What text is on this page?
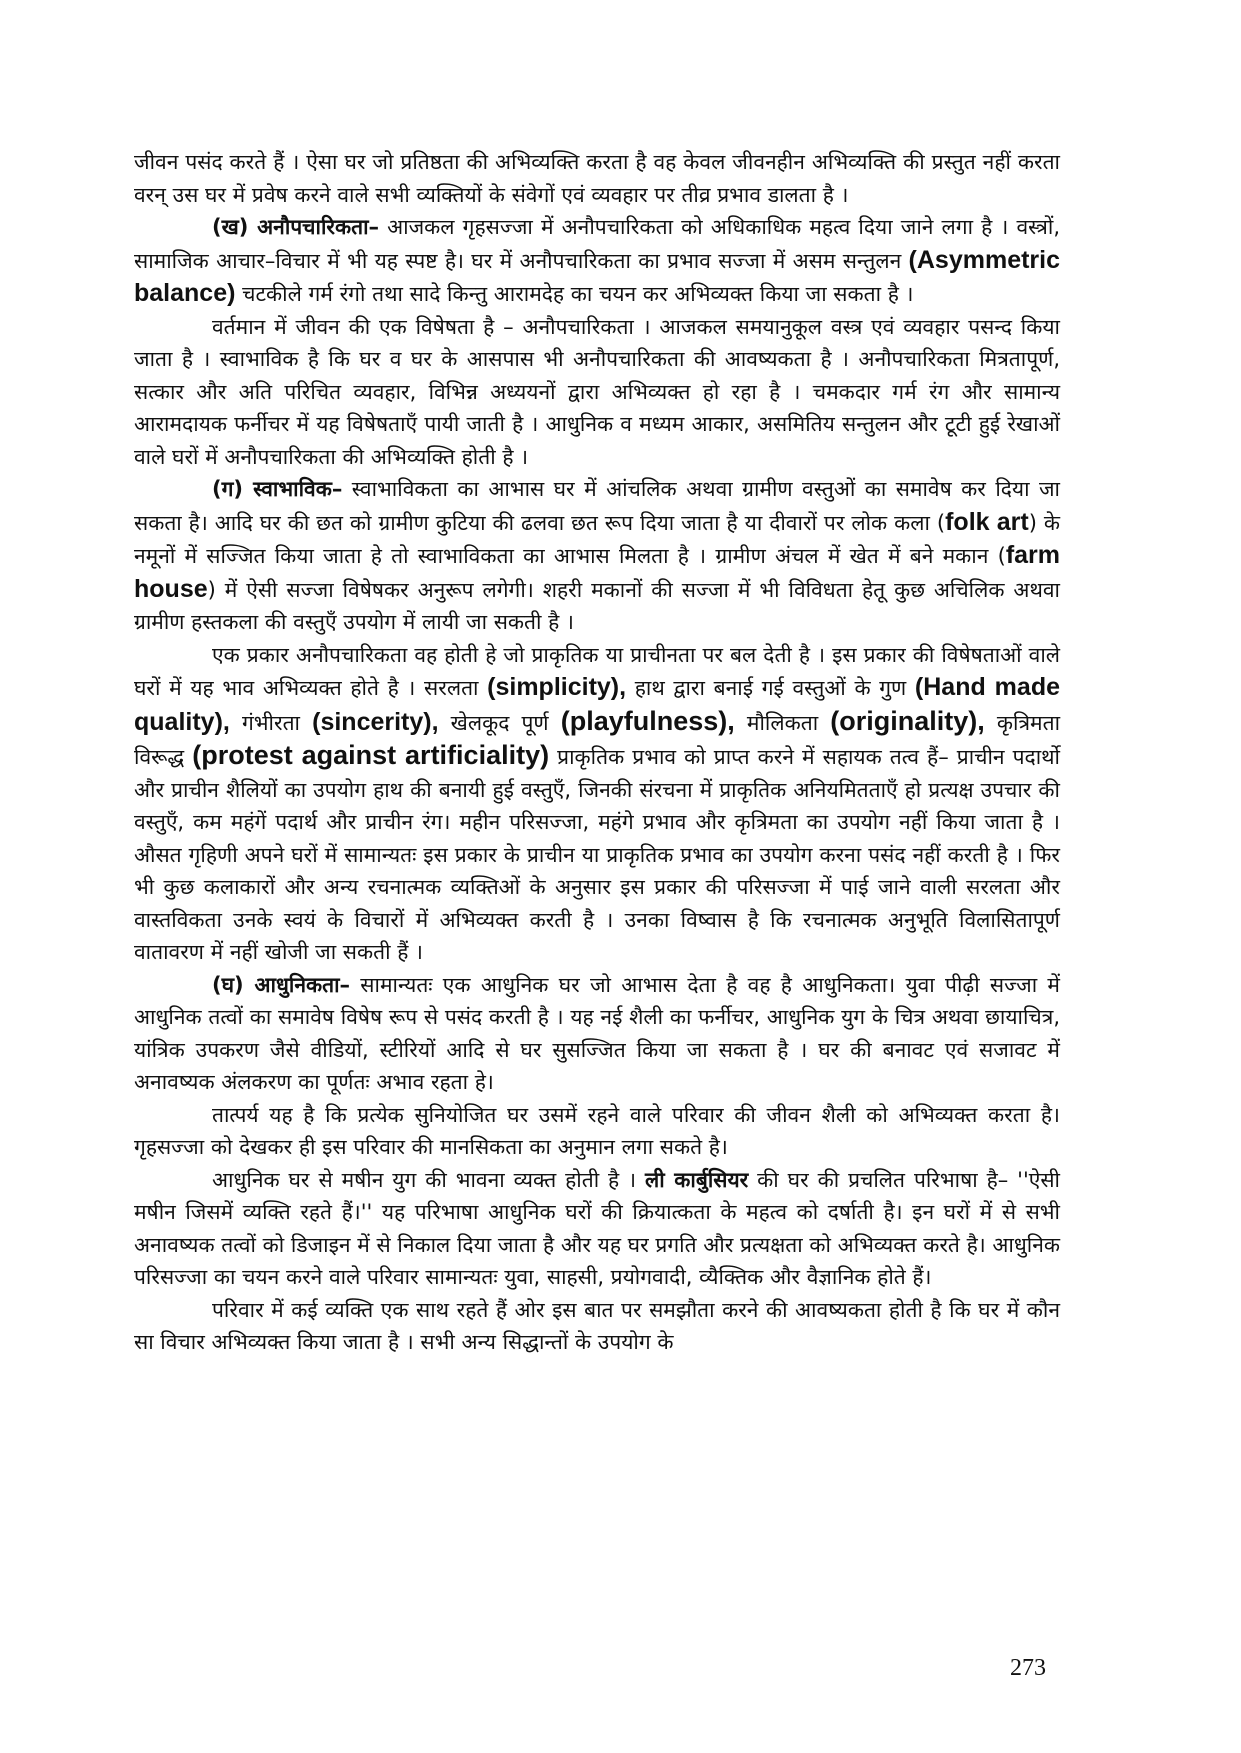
जीवन पसंद करते हैं । ऐसा घर जो प्रतिष्ठता की अभिव्यक्ति करता है वह केवल जीवनहीन अभिव्यक्ति की प्रस्तुत नहीं करता वरन् उस घर में प्रवेष करने वाले सभी व्यक्तियों के संवेगों एवं व्यवहार पर तीव्र प्रभाव डालता है ।

(ख) अनौपचारिकता– आजकल गृहसज्जा में अनौपचारिकता को अधिकाधिक महत्व दिया जाने लगा है । वस्त्रों, सामाजिक आचार–विचार में भी यह स्पष्ट है। घर में अनौपचारिकता का प्रभाव सज्जा में असम सन्तुलन (Asymmetric balance) चटकीले गर्म रंगो तथा सादे किन्तु आरामदेह का चयन कर अभिव्यक्त किया जा सकता है ।

वर्तमान में जीवन की एक विषेषता है – अनौपचारिकता । आजकल समयानुकूल वस्त्र एवं व्यवहार पसन्द किया जाता है । स्वाभाविक है कि घर व घर के आसपास भी अनौपचारिकता की आवष्यकता है । अनौपचारिकता मित्रतापूर्ण, सत्कार और अति परिचित व्यवहार, विभिन्न अध्ययनों द्वारा अभिव्यक्त हो रहा है । चमकदार गर्म रंग और सामान्य आरामदायक फर्नीचर में यह विषेषताएँ पायी जाती है । आधुनिक व मध्यम आकार, असमितिय सन्तुलन और टूटी हुई रेखाओं वाले घरों में अनौपचारिकता की अभिव्यक्ति होती है ।

(ग) स्वाभाविक– स्वाभाविकता का आभास घर में आंचलिक अथवा ग्रामीण वस्तुओं का समावेष कर दिया जा सकता है। आदि घर की छत को ग्रामीण कुटिया की ढलवा छत रूप दिया जाता है या दीवारों पर लोक कला (folk art) के नमूनों में सज्जित किया जाता हे तो स्वाभाविकता का आभास मिलता है । ग्रामीण अंचल में खेत में बने मकान (farm house) में ऐसी सज्जा विषेषकर अनुरूप लगेगी। शहरी मकानों की सज्जा में भी विविधता हेतू कुछ अचिलिक अथवा ग्रामीण हस्तकला की वस्तुएँ उपयोग में लायी जा सकती है ।

एक प्रकार अनौपचारिकता वह होती हे जो प्राकृतिक या प्राचीनता पर बल देती है । इस प्रकार की विषेषताओं वाले घरों में यह भाव अभिव्यक्त होते है । सरलता (simplicity), हाथ द्वारा बनाई गई वस्तुओं के गुण (Hand made quality), गंभीरता (sincerity), खेलकूद पूर्ण (playfulness), मौलिकता (originality), कृत्रिमता विरूद्ध (protest against artificiality) प्राकृतिक प्रभाव को प्राप्त करने में सहायक तत्व हैं– प्राचीन पदार्थो और प्राचीन शैलियों का उपयोग हाथ की बनायी हुई वस्तुएँ, जिनकी संरचना में प्राकृतिक अनियमितताएँ हो प्रत्यक्ष उपचार की वस्तुएँ, कम महंगें पदार्थ और प्राचीन रंग। महीन परिसज्जा, महंगे प्रभाव और कृत्रिमता का उपयोग नहीं किया जाता है । औसत गृहिणी अपने घरों में सामान्यतः इस प्रकार के प्राचीन या प्राकृतिक प्रभाव का उपयोग करना पसंद नहीं करती है । फिर भी कुछ कलाकारों और अन्य रचनात्मक व्यक्तिओं के अनुसार इस प्रकार की परिसज्जा में पाई जाने वाली सरलता और वास्तविकता उनके स्वयं के विचारों में अभिव्यक्त करती है । उनका विष्वास है कि रचनात्मक अनुभूति विलासितापूर्ण वातावरण में नहीं खोजी जा सकती हैं ।

(घ) आधुनिकता– सामान्यतः एक आधुनिक घर जो आभास देता है वह है आधुनिकता। युवा पीढ़ी सज्जा में आधुनिक तत्वों का समावेष विषेष रूप से पसंद करती है । यह नई शैली का फर्नीचर, आधुनिक युग के चित्र अथवा छायाचित्र, यांत्रिक उपकरण जैसे वीडियों, स्टीरियों आदि से घर सुसज्जित किया जा सकता है । घर की बनावट एवं सजावट में अनावष्यक अंलकरण का पूर्णतः अभाव रहता हे।

तात्पर्य यह है कि प्रत्येक सुनियोजित घर उसमें रहने वाले परिवार की जीवन शैली को अभिव्यक्त करता है। गृहसज्जा को देखकर ही इस परिवार की मानसिकता का अनुमान लगा सकते है।

आधुनिक घर से मषीन युग की भावना व्यक्त होती है । ली कार्बुसियर की घर की प्रचलित परिभाषा है– ''ऐसी मषीन जिसमें व्यक्ति रहते हैं।'' यह परिभाषा आधुनिक घरों की क्रियात्कता के महत्व को दर्षाती है। इन घरों में से सभी अनावष्यक तत्वों को डिजाइन में से निकाल दिया जाता है और यह घर प्रगति और प्रत्यक्षता को अभिव्यक्त करते है। आधुनिक परिसज्जा का चयन करने वाले परिवार सामान्यतः युवा, साहसी, प्रयोगवादी, व्यैक्तिक और वैज्ञानिक होते हैं।

परिवार में कई व्यक्ति एक साथ रहते हैं ओर इस बात पर समझौता करने की आवष्यकता होती है कि घर में कौन सा विचार अभिव्यक्त किया जाता है । सभी अन्य सिद्धान्तों के उपयोग के

273
